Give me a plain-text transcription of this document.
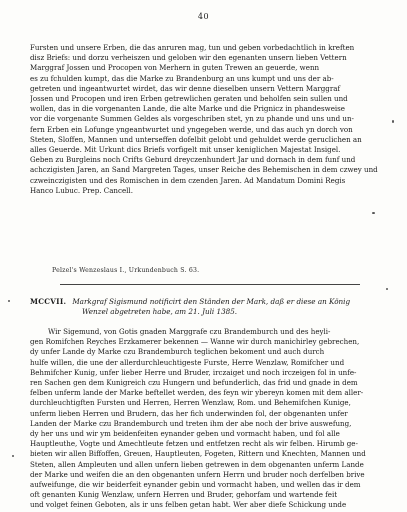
40
Fursten und unsere Erben, die das anruren mag, tun und geben vorbedachtlich in kreften
disz Briefs: und dorzu verheiszen und geloben wir den egenanten unsern lieben Vettern
Marggraf Jossen und Procopen von Merhern in guten Trewen an geuerde, wenn
es zu fchulden kumpt, das die Marke zu Brandenburg an uns kumpt und uns der ab-
getreten und ingeantwurtet wirdet, das wir denne dieselben unsern Vettern Marggraf
Jossen und Procopen und iren Erben getrewlichen geraten und beholfen sein sullen und
wollen, das in die vorgenanten Lande, die alte Marke und die Prignicz in phandesweise
vor die vorgenante Summen Geldes als vorgeschriben stet, yn zu phande und uns und un-
fern Erben ein Lofunge yngeantwurtet und yngegeben werde, und das auch yn dorch von
Steten, Sloffen, Mannen und unterseffen dofelbit gelobt und gehuldet werde geruclichen an
alles Geuerde. Mit Urkunt dics Briefs vorfigelt mit unser keniglichen Majestat Insigel.
Geben zu Burgleins noch Crifts Geburd dreyczenhundert Jar und dornach in dem funf und
achczigisten Jaren, an Sand Margreten Tages, unser Reiche des Behemischen in dem czwey und
czweinczigisten und des Romischen in dem czenden Jaren. Ad Mandatum Domini Regis
Hanco Lubuc. Prep. Cancell.
Pelzel's Wenzeslaus I., Urkundenbuch S. 63.
MCCVII. Markgraf Sigismund notificirt den Ständen der Mark, daß er diese an König
Wenzel abgetreten habe, am 21. Juli 1385.
Wir Sigemund, von Gotis gnaden Marggrafe czu Brandemburch und des heyli-
gen Romifchen Reyches Erzkamerer bekennen — Wanne wir durch manichirley gebrechen,
dy unfer Lande dy Marke czu Brandemburch teglichen bekoment und auch durch
hulfe willen, die une der allerdurchleuchtigeste Furste, Herre Wenzlaw, Romifcher und
Behmifcher Kunig, unfer lieber Herre und Bruder, irczaiget und noch irczeigen fol in unfe-
ren Sachen gen dem Kunigreich czu Hungern und befunderlich, das frid und gnade in dem
felben unferm lande der Marke beftellet werden, des feyn wir ybereyn komen mit dem aller-
durchleuchtigften Fursten und Herren, Herren Wenzlaw, Rom. und Behemifchen Kunige,
unferm lieben Herren und Brudern, das her fich underwinden fol, der obgenanten unfer
Landen der Marke czu Brandemburch und treten ihm der abe noch der brive auswefung,
dy her uns und wir ym beidenfeiten eynander geben und vormacht haben, und fol alle
Hauptleuthe, Vogte und Amechtleute fetzen und entfetzen recht als wir felben. Hirumb ge-
bieten wir allen Biffoffen, Greuen, Hauptleuten, Fogeten, Rittern und Knechten, Mannen und
Steten, allen Ampleuten und allen unfern lieben getrewen in dem obgenanten unferm Lande
der Marke und weifen die an den obgenanten unfern Herrn und bruder noch derfelben brive
aufweifunge, die wir beiderfeit eynander gebin und vormacht haben, und wellen das ir dem
oft genanten Kunig Wenzlaw, unfern Herren und Bruder, gehorfam und wartende feit
und volget feinen Geboten, als ir uns felben getan habt. Wer aber diefe Schickung unde
